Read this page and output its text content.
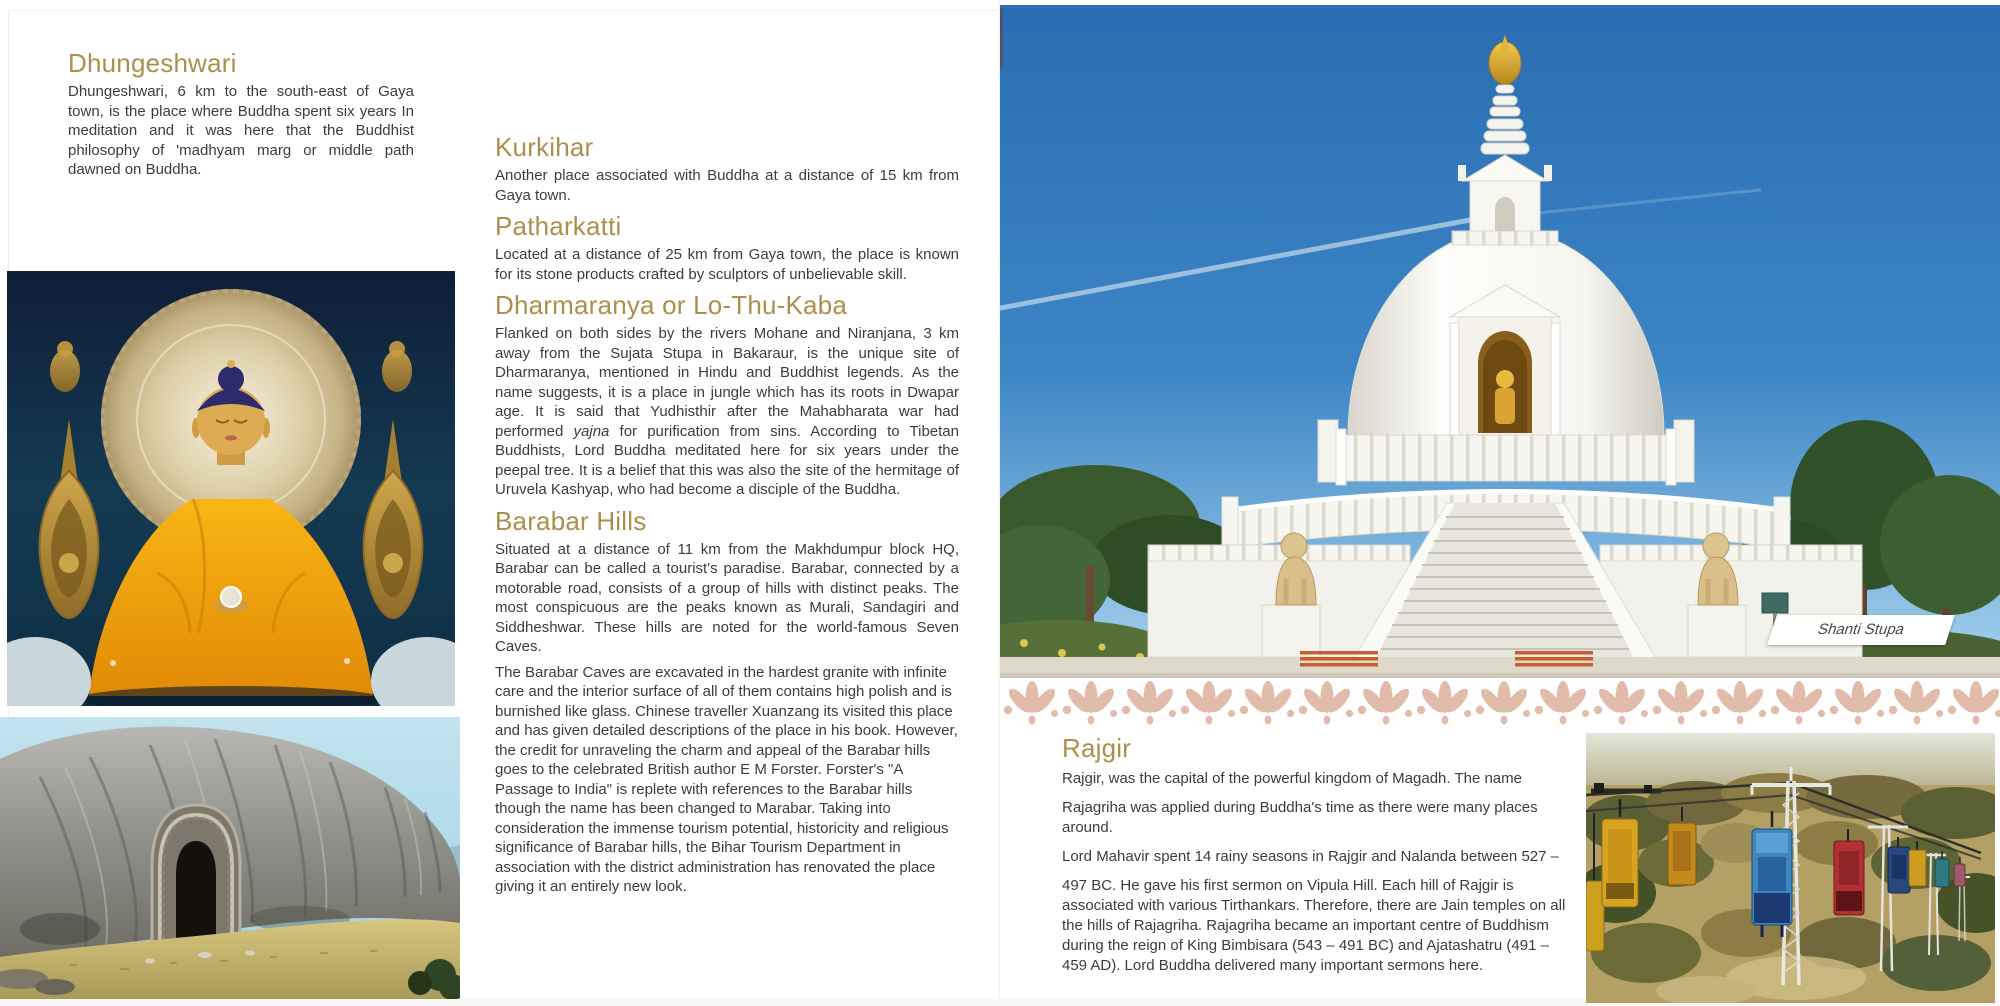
Dhungeshwari

Dhungeshwari, 6 km to the south-east of Gaya town, is the place where Buddha spent six years In meditation and it was here that the Buddhist philosophy of 'madhyam marg or middle path dawned on Buddha.

Kurkihar

Another place associated with Buddha at a distance of 15 km from Gaya town.

Patharkatti

Located at a distance of 25 km from Gaya town, the place is known for its stone products crafted by sculptors of unbelievable skill.

Dharmaranya or Lo-Thu-Kaba

Flanked on both sides by the rivers Mohane and Niranjana, 3 km away from the Sujata Stupa in Bakaraur, is the unique site of Dharmaranya, mentioned in Hindu and Buddhist legends. As the name suggests, it is a place in jungle which has its roots in Dwapar age. It is said that Yudhisthir after the Mahabharata war had performed yajna for purification from sins. According to Tibetan Buddhists, Lord Buddha meditated here for six years under the peepal tree. It is a belief that this was also the site of the hermitage of Uruvela Kashyap, who had become a disciple of the Buddha.

Barabar Hills

Situated at a distance of 11 km from the Makhdumpur block HQ, Barabar can be called a tourist's paradise. Barabar, connected by a motorable road, consists of a group of hills with distinct peaks. The most conspicuous are the peaks known as Murali, Sandagiri and Siddheshwar. These hills are noted for the world-famous Seven Caves.

The Barabar Caves are excavated in the hardest granite with infinite care and the interior surface of all of them contains high polish and is burnished like glass. Chinese traveller Xuanzang its visited this place and has given detailed descriptions of the place in his book. However, the credit for unraveling the charm and appeal of the Barabar hills goes to the celebrated British author E M Forster. Forster's "A Passage to India" is replete with references to the Barabar hills though the name has been changed to Marabar. Taking into consideration the immense tourism potential, historicity and religious significance of Barabar hills, the Bihar Tourism Department in association with the district administration has renovated the place giving it an entirely new look.

Shanti Stupa
Rajgir

Rajgir, was the capital of the powerful kingdom of Magadh. The name

Rajagriha was applied during Buddha's time as there were many places around.

Lord Mahavir spent 14 rainy seasons in Rajgir and Nalanda between 527 –

497 BC. He gave his first sermon on Vipula Hill. Each hill of Rajgir is associated with various Tirthankars. Therefore, there are Jain temples on all the hills of Rajagriha. Rajagriha became an important centre of Buddhism during the reign of King Bimbisara (543 – 491 BC) and Ajatashatru (491 – 459 AD). Lord Buddha delivered many important sermons here.
